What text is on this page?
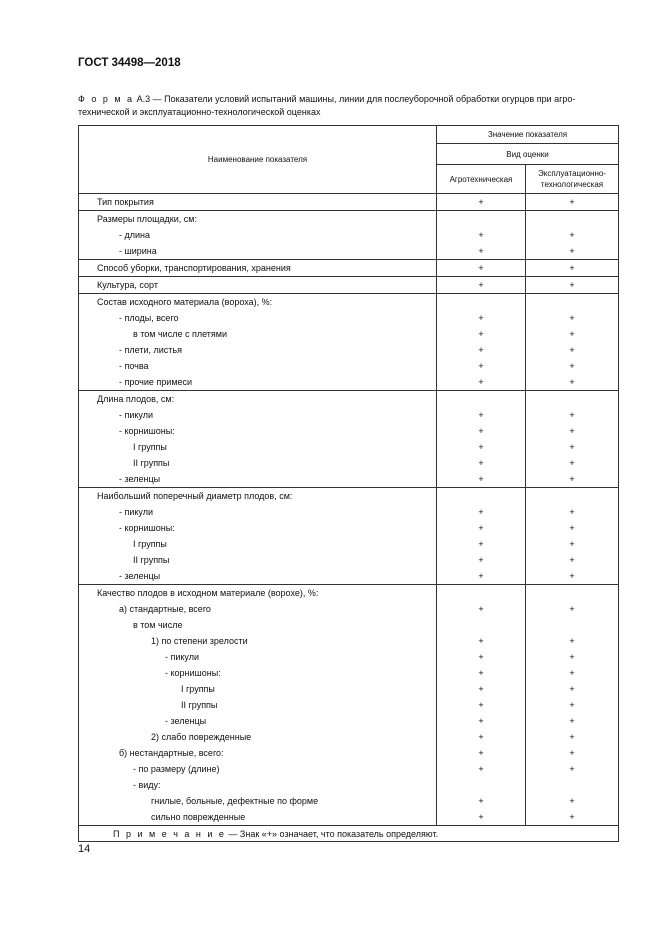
ГОСТ 34498—2018
Ф о р м а А.3 — Показатели условий испытаний машины, линии для послеуборочной обработки огурцов при агро-техничеcкой и эксплуатационно-технологической оценках
Наименование показателя	Значение показателя	
	Вид оценки	
	Агротехническая	Эксплуатационно-технологическая
Тип покрытия	+	+
Размеры площадки, см:		
- длина	+	+
- ширина	+	+
Способ уборки, транспортирования, хранения	+	+
Культура, сорт	+	+
Состав исходного материала (вороха), %:		
- плоды, всего	+	+
в том числе с плетями	+	+
- плети, листья	+	+
- почва	+	+
- прочие примеси	+	+
Длина плодов, см:		
- пикули	+	+
- корнишоны:	+	+
I группы	+	+
II группы	+	+
- зеленцы	+	+
Наибольший поперечный диаметр плодов, см:		
- пикули	+	+
- корнишоны:	+	+
I группы	+	+
II группы	+	+
- зеленцы	+	+
Качество плодов в исходном материале (ворохе), %:		
а) стандартные, всего	+	+
в том числе		
1) по степени зрелости	+	+
- пикули	+	+
- корнишоны:	+	+
I группы	+	+
II группы	+	+
- зеленцы	+	+
2) слабо поврежденные	+	+
б) нестандартные, всего:	+	+
- по размеру (длине)	+	+
- виду:		
гнилые, больные, дефектные по форме	+	+
сильно поврежденные	+	+
П р и м е ч а н и е — Знак «+» означает, что показатель определяют.		
14
